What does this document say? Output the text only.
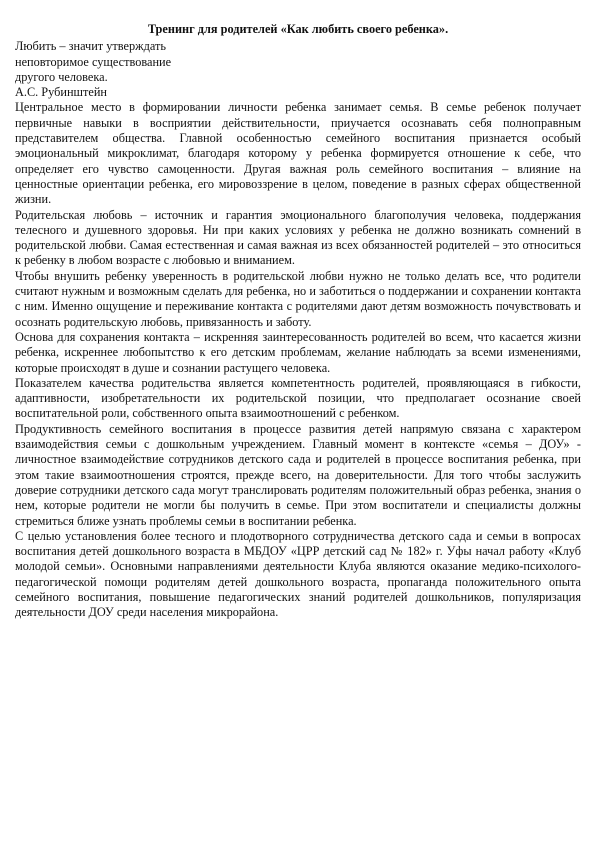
Тренинг для родителей «Как любить своего ребенка».

Любить – значит утверждать

неповторимое существование

другого человека.

А.С. Рубинштейн

Центральное место в формировании личности ребенка занимает семья. В семье ребенок получает первичные навыки в восприятии действительности, приучается осознавать себя полноправным представителем общества. Главной особенностью семейного воспитания признается особый эмоциональный микроклимат, благодаря которому у ребенка формируется отношение к себе, что определяет его чувство самоценности. Другая важная роль семейного воспитания – влияние на ценностные ориентации ребенка, его мировоззрение в целом, поведение в разных сферах общественной жизни.

Родительская любовь – источник и гарантия эмоционального благополучия человека, поддержания телесного и душевного здоровья. Ни при каких условиях у ребенка не должно возникать сомнений в родительской любви. Самая естественная и самая важная из всех обязанностей родителей – это относиться к ребенку в любом возрасте с любовью и вниманием.

Чтобы внушить ребенку уверенность в родительской любви нужно не только делать все, что родители считают нужным и возможным сделать для ребенка, но и заботиться о поддержании и сохранении контакта с ним. Именно ощущение и переживание контакта с родителями дают детям возможность почувствовать и осознать родительскую любовь, привязанность и заботу.

Основа для сохранения контакта – искренняя заинтересованность родителей во всем, что касается жизни ребенка, искреннее любопытство к его детским проблемам, желание наблюдать за всеми изменениями, которые происходят в душе и сознании растущего человека.

Показателем качества родительства является компетентность родителей, проявляющаяся в гибкости, адаптивности, изобретательности их родительской позиции, что предполагает осознание своей воспитательной роли, собственного опыта взаимоотношений с ребенком.

Продуктивность семейного воспитания в процессе развития детей напрямую связана с характером взаимодействия семьи с дошкольным учреждением. Главный момент в контексте «семья – ДОУ» - личностное взаимодействие сотрудников детского сада и родителей в процессе воспитания ребенка, при этом такие взаимоотношения строятся, прежде всего, на доверительности. Для того чтобы заслужить доверие сотрудники детского сада могут транслировать родителям положительный образ ребенка, знания о нем, которые родители не могли бы получить в семье. При этом воспитатели и специалисты должны стремиться ближе узнать проблемы семьи в воспитании ребенка.

С целью установления более тесного и плодотворного сотрудничества детского сада и семьи в вопросах воспитания детей дошкольного возраста в МБДОУ «ЦРР детский сад № 182» г. Уфы начал работу «Клуб молодой семьи». Основными направлениями деятельности Клуба являются оказание медико-психолого-педагогической помощи родителям детей дошкольного возраста, пропаганда положительного опыта семейного воспитания, повышение педагогических знаний родителей дошкольников, популяризация деятельности ДОУ среди населения микрорайона.
